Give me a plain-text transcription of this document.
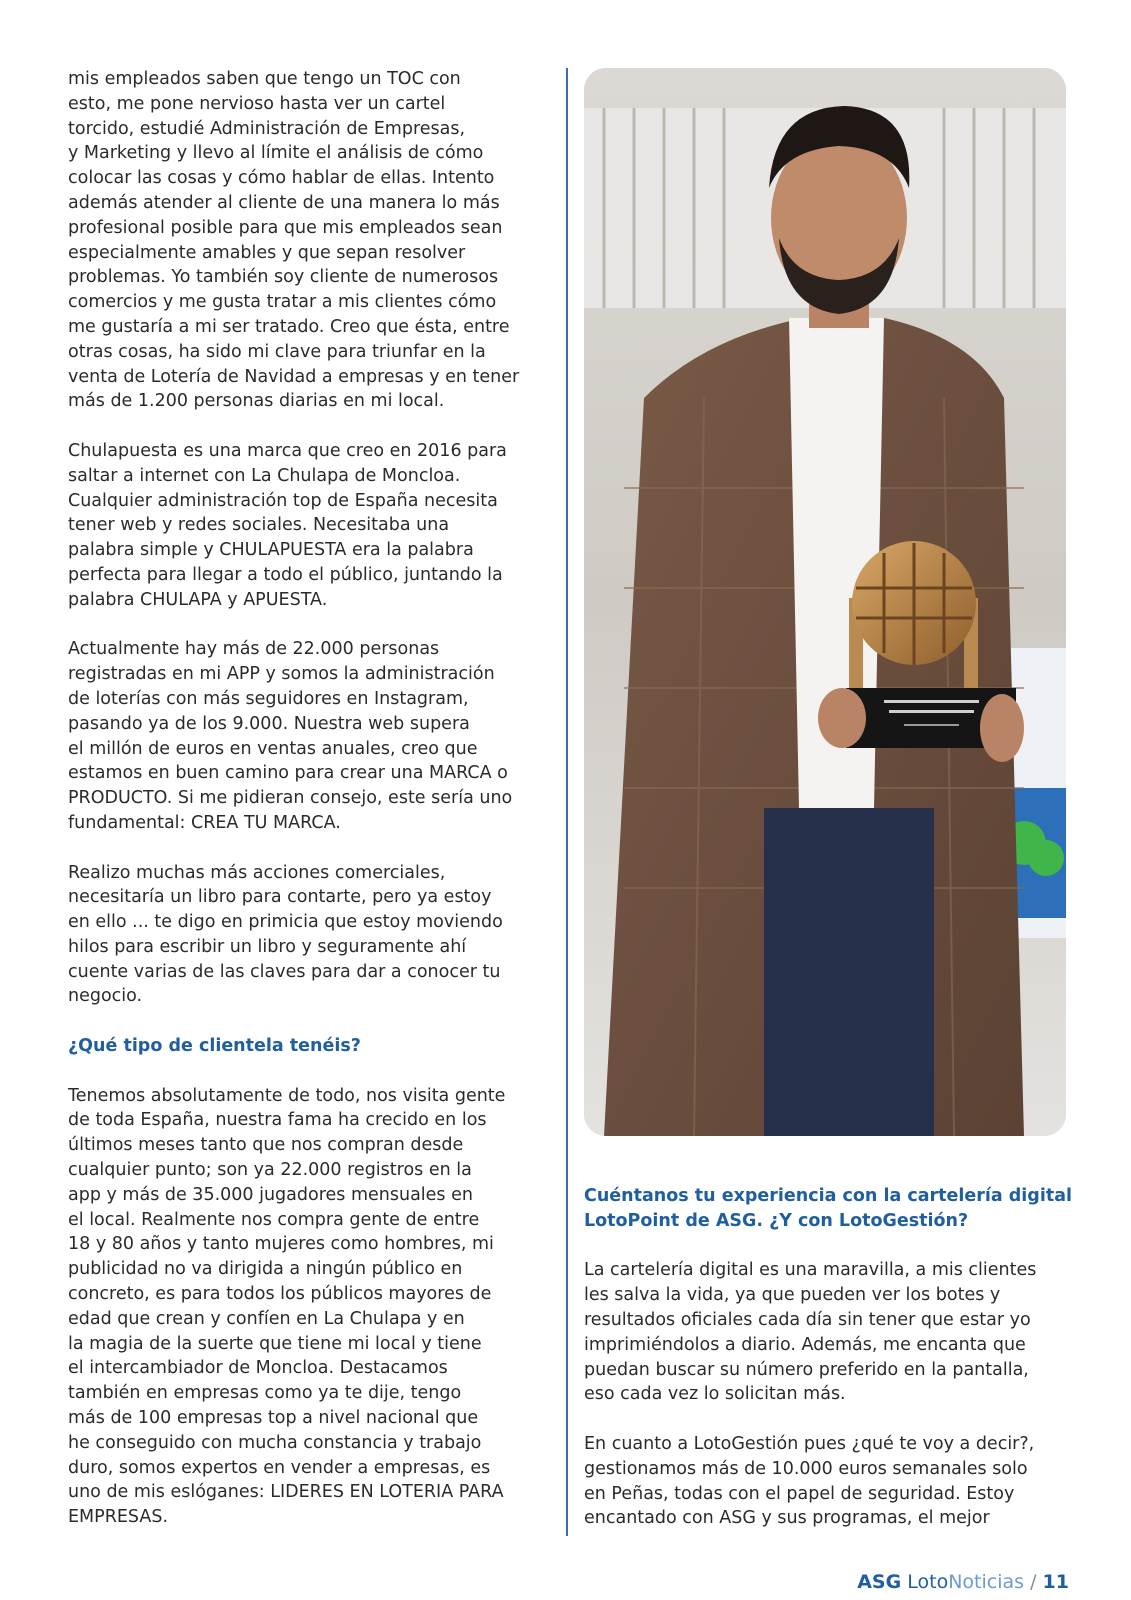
mis empleados saben que tengo un TOC con
esto, me pone nervioso hasta ver un cartel
torcido, estudié Administración de Empresas,
y Marketing y llevo al límite el análisis de cómo
colocar las cosas y cómo hablar de ellas. Intento
además atender al cliente de una manera lo más
profesional posible para que mis empleados sean
especialmente amables y que sepan resolver
problemas. Yo también soy cliente de numerosos
comercios y me gusta tratar a mis clientes cómo
me gustaría a mi ser tratado. Creo que ésta, entre
otras cosas, ha sido mi clave para triunfar en la
venta de Lotería de Navidad a empresas y en tener
más de 1.200 personas diarias en mi local.

Chulapuesta es una marca que creo en 2016 para
saltar a internet con La Chulapa de Moncloa.
Cualquier administración top de España necesita
tener web y redes sociales. Necesitaba una
palabra simple y CHULAPUESTA era la palabra
perfecta para llegar a todo el público, juntando la
palabra CHULAPA y APUESTA.

Actualmente hay más de 22.000 personas
registradas en mi APP y somos la administración
de loterías con más seguidores en Instagram,
pasando ya de los 9.000. Nuestra web supera
el millón de euros en ventas anuales, creo que
estamos en buen camino para crear una MARCA o
PRODUCTO. Si me pidieran consejo, este sería uno
fundamental: CREA TU MARCA.

Realizo muchas más acciones comerciales,
necesitaría un libro para contarte, pero ya estoy
en ello ... te digo en primicia que estoy moviendo
hilos para escribir un libro y seguramente ahí
cuente varias de las claves para dar a conocer tu
negocio.

¿Qué tipo de clientela tenéis?

Tenemos absolutamente de todo, nos visita gente
de toda España, nuestra fama ha crecido en los
últimos meses tanto que nos compran desde
cualquier punto; son ya 22.000 registros en la
app y más de 35.000 jugadores mensuales en
el local. Realmente nos compra gente de entre
18 y 80 años y tanto mujeres como hombres, mi
publicidad no va dirigida a ningún público en
concreto, es para todos los públicos mayores de
edad que crean y confíen en La Chulapa y en
la magia de la suerte que tiene mi local y tiene
el intercambiador de Moncloa. Destacamos
también en empresas como ya te dije, tengo
más de 100 empresas top a nivel nacional que
he conseguido con mucha constancia y trabajo
duro, somos expertos en vender a empresas, es
uno de mis eslóganes: LIDERES EN LOTERIA PARA
EMPRESAS.

Cuéntanos tu experiencia con la cartelería digital
LotoPoint de ASG. ¿Y con LotoGestión?

La cartelería digital es una maravilla, a mis clientes
les salva la vida, ya que pueden ver los botes y
resultados oficiales cada día sin tener que estar yo
imprimiéndolos a diario. Además, me encanta que
puedan buscar su número preferido en la pantalla,
eso cada vez lo solicitan más.

En cuanto a LotoGestión pues ¿qué te voy a decir?,
gestionamos más de 10.000 euros semanales solo
en Peñas, todas con el papel de seguridad. Estoy
encantado con ASG y sus programas, el mejor

ASG LotoNoticias / 11
